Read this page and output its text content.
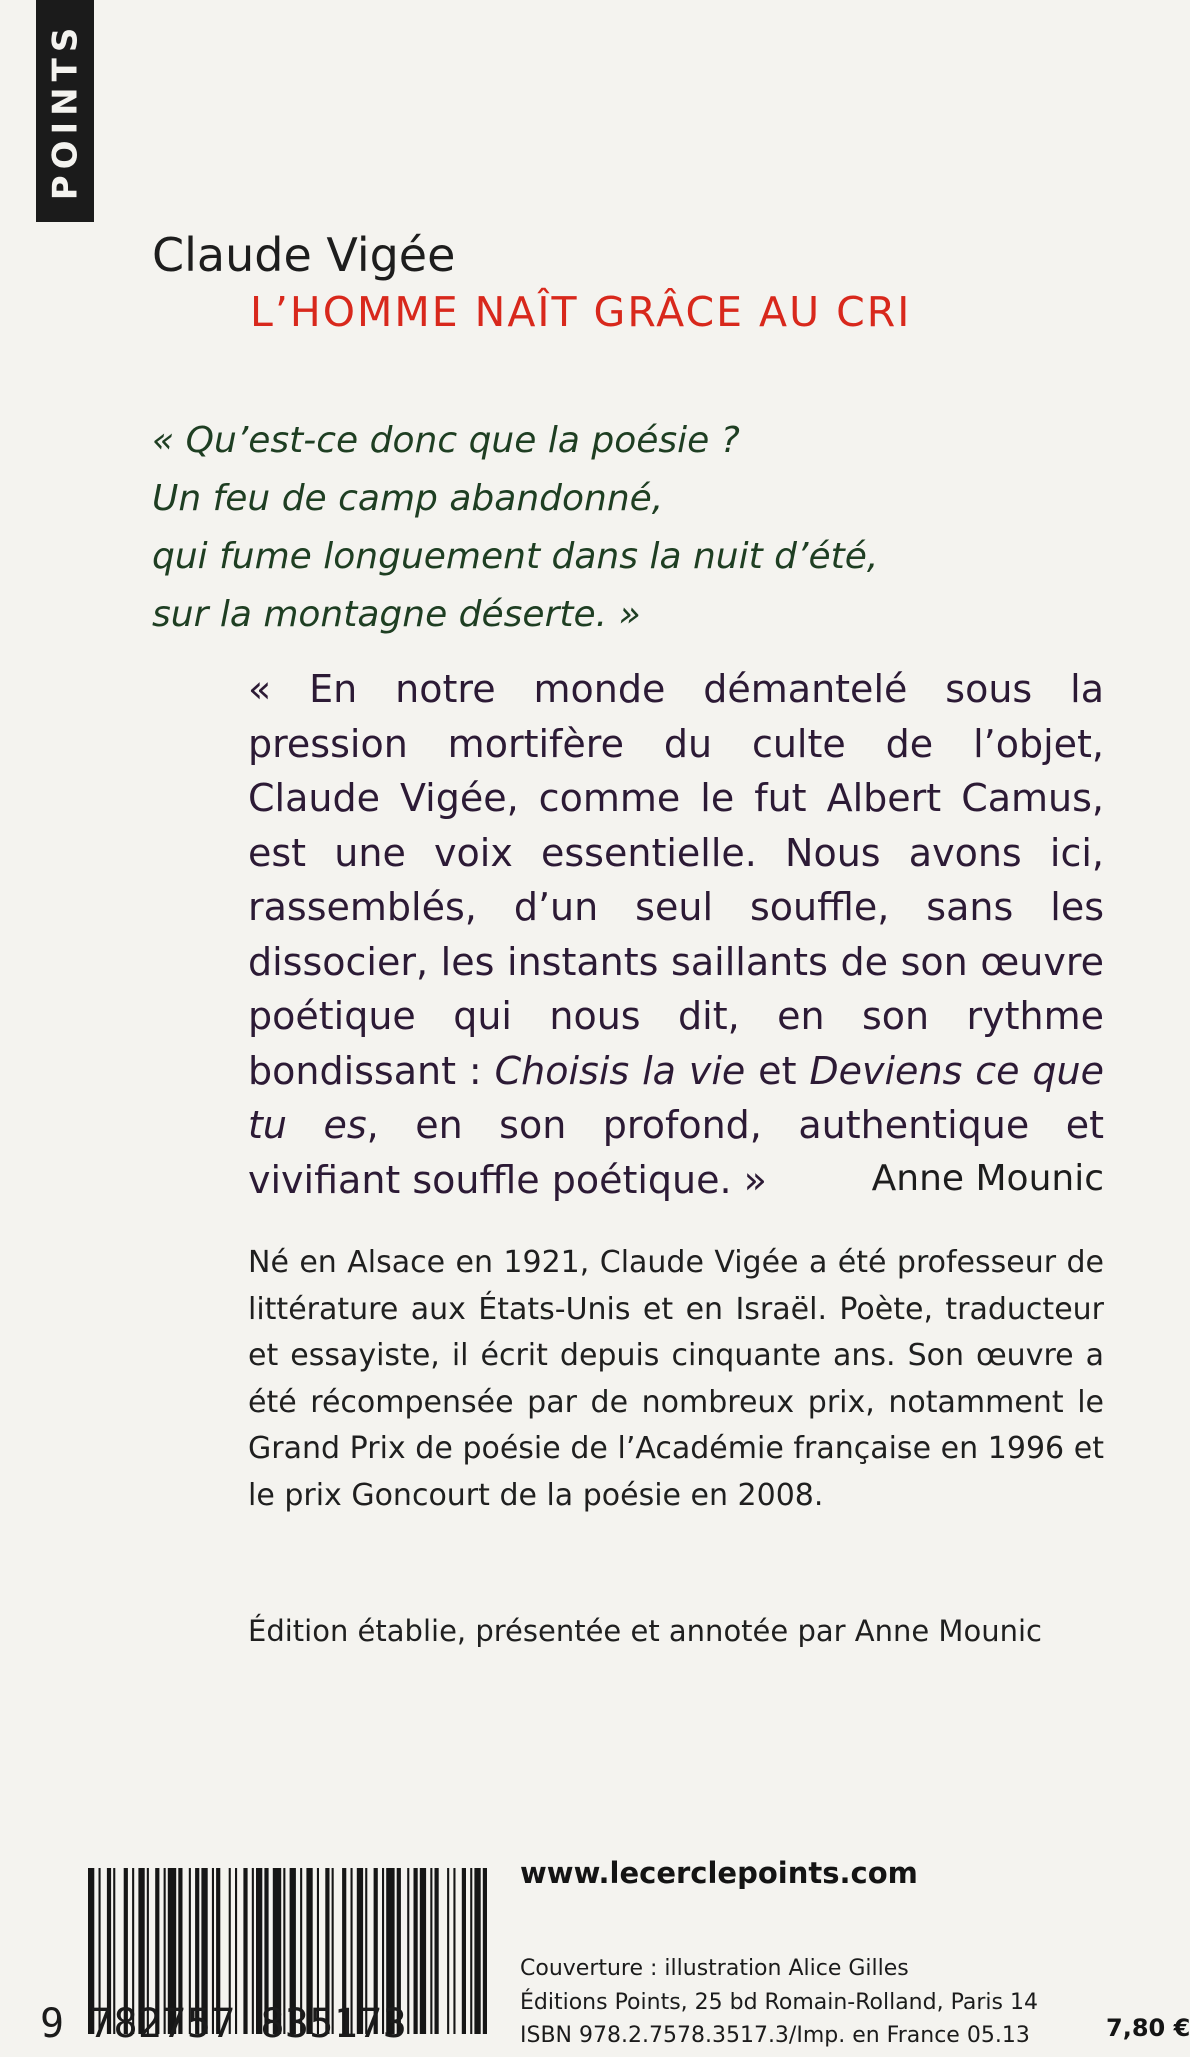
POINTS
Claude Vigée
L’HOMME NAÎT GRÂCE AU CRI
« Qu’est-ce donc que la poésie ?
Un feu de camp abandonné,
qui fume longuement dans la nuit d’été,
sur la montagne déserte. »

« En notre monde démantelé sous la pression mortifère du culte de l’objet, Claude Vigée, comme le fut Albert Camus, est une voix essentielle. Nous avons ici, rassemblés, d’un seul souffle, sans les dissocier, les instants saillants de son œuvre poétique qui nous dit, en son rythme bondissant : Choisis la vie et Deviens ce que tu es, en son profond, authentique et vivifiant souffle poétique. »	Anne Mounic
Né en Alsace en 1921, Claude Vigée a été professeur de littérature aux États-Unis et en Israël. Poète, traducteur et essayiste, il écrit depuis cinquante ans. Son œuvre a été récompensée par de nombreux prix, notamment le Grand Prix de poésie de l’Académie française en 1996 et le prix Goncourt de la poésie en 2008.
Édition établie, présentée et annotée par Anne Mounic
9 782757 835173
www.lecerclepoints.com
Couverture : illustration Alice Gilles
Éditions Points, 25 bd Romain-Rolland, Paris 14
ISBN 978.2.7578.3517.3/Imp. en France 05.13	7,80 €
